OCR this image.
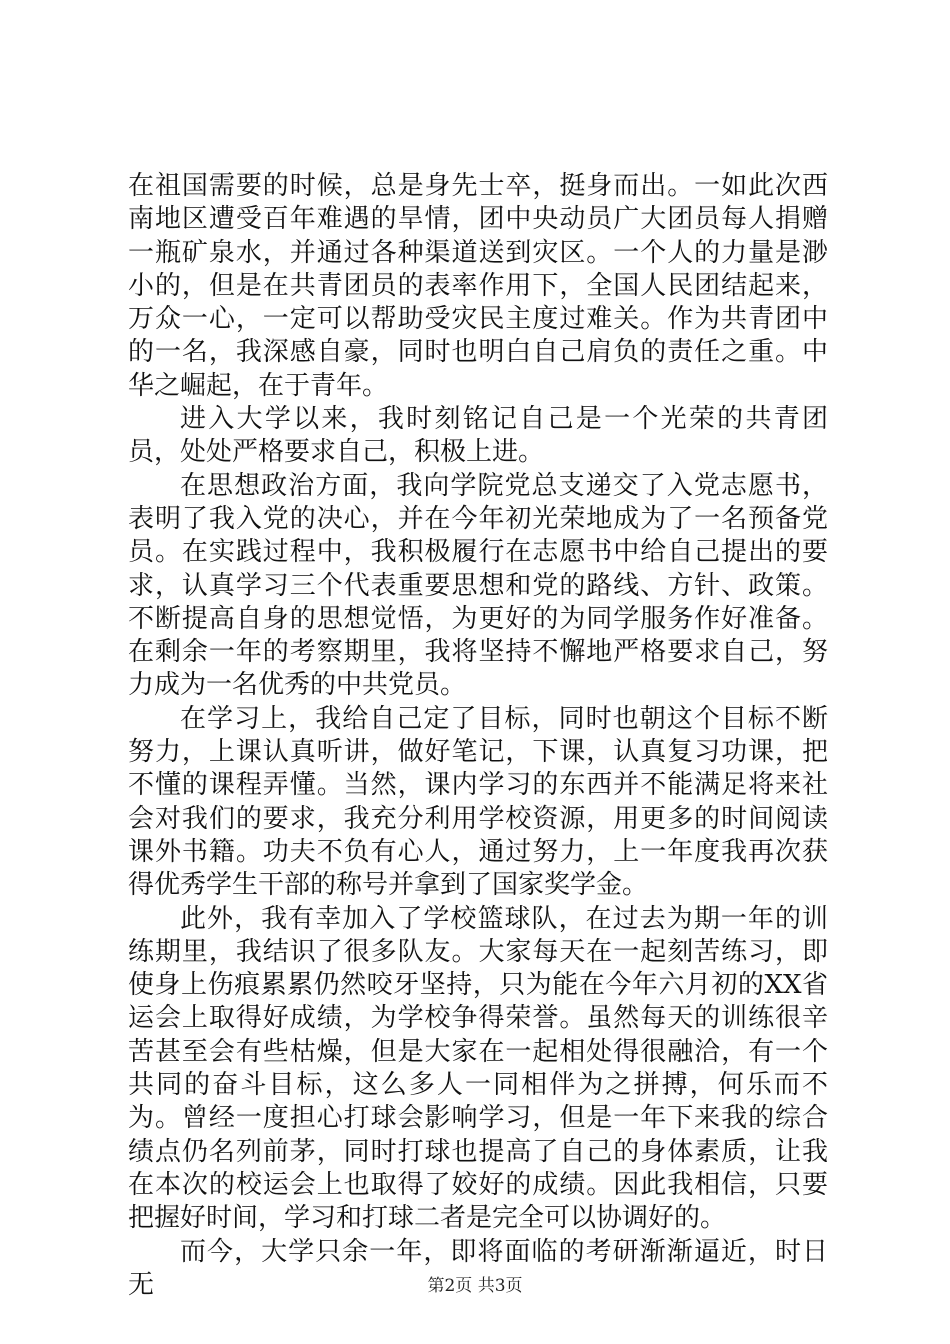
在祖国需要的时候，总是身先士卒，挺身而出。一如此次西南地区遭受百年难遇的旱情，团中央动员广大团员每人捐赠一瓶矿泉水，并通过各种渠道送到灾区。一个人的力量是渺小的，但是在共青团员的表率作用下，全国人民团结起来，万众一心，一定可以帮助受灾民主度过难关。作为共青团中的一名，我深感自豪，同时也明白自己肩负的责任之重。中华之崛起，在于青年。

进入大学以来，我时刻铭记自己是一个光荣的共青团员，处处严格要求自己，积极上进。

在思想政治方面，我向学院党总支递交了入党志愿书，表明了我入党的决心，并在今年初光荣地成为了一名预备党员。在实践过程中，我积极履行在志愿书中给自己提出的要求，认真学习三个代表重要思想和党的路线、方针、政策。不断提高自身的思想觉悟，为更好的为同学服务作好准备。在剩余一年的考察期里，我将坚持不懈地严格要求自己，努力成为一名优秀的中共党员。

在学习上，我给自己定了目标，同时也朝这个目标不断努力，上课认真听讲，做好笔记，下课，认真复习功课，把不懂的课程弄懂。当然，课内学习的东西并不能满足将来社会对我们的要求，我充分利用学校资源，用更多的时间阅读课外书籍。功夫不负有心人，通过努力，上一年度我再次获得优秀学生干部的称号并拿到了国家奖学金。

此外，我有幸加入了学校篮球队，在过去为期一年的训练期里，我结识了很多队友。大家每天在一起刻苦练习，即使身上伤痕累累仍然咬牙坚持，只为能在今年六月初的XX省运会上取得好成绩，为学校争得荣誉。虽然每天的训练很辛苦甚至会有些枯燥，但是大家在一起相处得很融洽，有一个共同的奋斗目标，这么多人一同相伴为之拼搏，何乐而不为。曾经一度担心打球会影响学习，但是一年下来我的综合绩点仍名列前茅，同时打球也提高了自己的身体素质，让我在本次的校运会上也取得了姣好的成绩。因此我相信，只要把握好时间，学习和打球二者是完全可以协调好的。

而今，大学只余一年，即将面临的考研渐渐逼近，时日无	第2页 共3页
